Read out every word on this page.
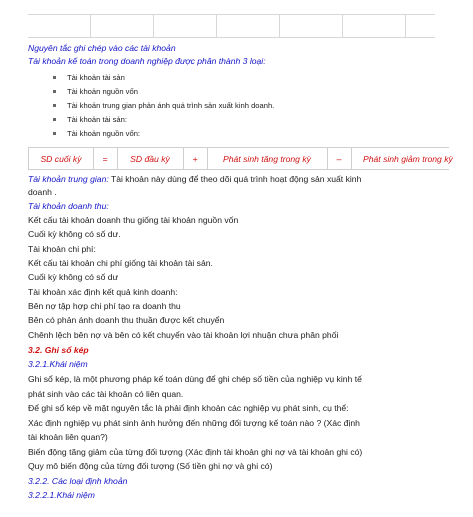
Nguyên tắc ghi chép vào các tài khoản
Tài khoản kế toán trong doanh nghiệp được phân thành 3 loại:
Tài khoản tài sản
Tài khoản nguồn vốn
Tài khoản trung gian phản ánh quá trình sản xuất kinh doanh.
Tài khoản tài sản:
Tài khoản nguồn vốn:
SD cuối kỳ	=	SD đầu kỳ	+	Phát sinh tăng trong kỳ	–	Phát sinh giảm trong kỳ
Tài khoản trung gian: Tài khoản này dùng để theo dõi quá trình hoạt động sản xuất kinh
doanh .
Tài khoản doanh thu:
Kết cấu tài khoản doanh thu giống tài khoản nguồn vốn
Cuối kỳ không có số dư.
Tài khoản chi phí:
Kết cấu tài khoản chi phí giống tài khoản tài sản.
Cuối kỳ không có số dư
Tài khoản xác định kết quả kinh doanh:
Bên nợ tập hợp chi phí tạo ra doanh thu
Bên có phản ánh doanh thu thuần được kết chuyển
Chênh lệch bên nợ và bên có kết chuyển vào tài khoản lợi nhuận chưa phân phối
3.2. Ghi sổ kép
3.2.1.Khái niệm
Ghi sổ kép, là một phương pháp kế toán dùng để ghi chép số tiền của nghiệp vụ kinh tế
phát sinh vào các tài khoản có liên quan.
Để ghi sổ kép về mặt nguyên tắc là phải định khoản các nghiệp vụ phát sinh, cụ thể:
Xác định nghiệp vụ phát sinh ảnh hưởng đến những đối tượng kế toán nào ? (Xác định
tài khoản liên quan?)
Biến động tăng giảm của từng đối tượng (Xác định tài khoản ghi nợ và tài khoản ghi có)
Quy mô biến động của từng đối tượng (Số tiền ghi nợ và ghi có)
3.2.2. Các loại định khoản
3.2.2.1.Khái niệm
